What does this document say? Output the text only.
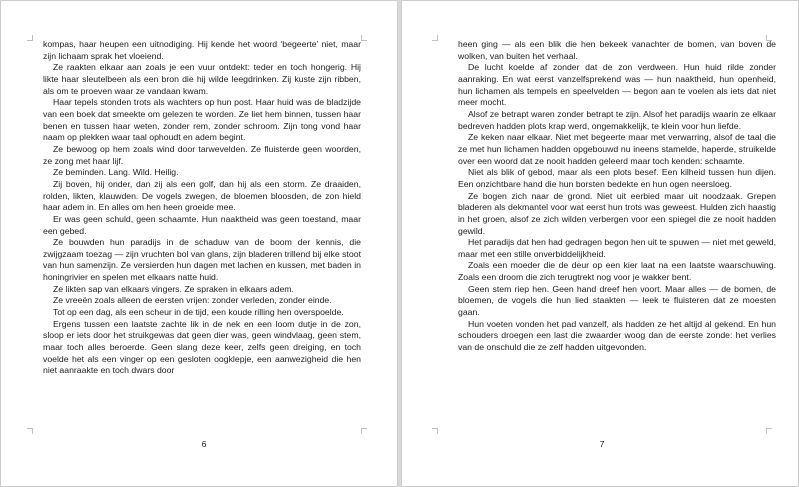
6	7

kompas, haar heupen een uitnodiging. Hij kende het woord ‘begeerte’ niet, maar zijn lichaam sprak het vloeiend.

Ze raakten elkaar aan zoals je een vuur ontdekt: teder en toch hongerig. Hij likte haar sleutelbeen als een bron die hij wilde leegdrinken. Zij kuste zijn ribben, als om te proeven waar ze vandaan kwam.

Haar tepels stonden trots als wachters op hun post. Haar huid was de bladzijde van een boek dat smeekte om gelezen te worden. Ze liet hem binnen, tussen haar benen en tussen haar weten, zonder rem, zonder schroom. Zijn tong vond haar naam op plekken waar taal ophoudt en adem begint.

Ze bewoog op hem zoals wind door tarwevelden. Ze fluisterde geen woorden, ze zong met haar lijf.

Ze beminden. Lang. Wild. Heilig.

Zij boven, hij onder, dan zij als een golf, dan hij als een storm. Ze draaiden, rolden, likten, klauwden. De vogels zwegen, de bloemen bloosden, de zon hield haar adem in. En alles om hen heen groeide mee.

Er was geen schuld, geen schaamte. Hun naaktheid was geen toestand, maar een gebed.

Ze bouwden hun paradijs in de schaduw van de boom der kennis, die zwijgzaam toezag — zijn vruchten bol van glans, zijn bladeren trillend bij elke stoot van hun samenzijn. Ze versierden hun dagen met lachen en kussen, met baden in honingrivier en spelen met elkaars natte huid.

Ze likten sap van elkaars vingers. Ze spraken in elkaars adem.

Ze vreeën zoals alleen de eersten vrijen: zonder verleden, zonder einde.

Tot op een dag, als een scheur in de tijd, een koude rilling hen overspoelde.

Ergens tussen een laatste zachte lik in de nek en een loom dutje in de zon, sloop er iets door het struikgewas dat geen dier was, geen windvlaag, geen stem, maar toch alles beroerde. Geen slang deze keer, zelfs geen dreiging, en toch voelde het als een vinger op een gesloten oogklepje, een aanwezigheid die hen niet aanraakte en toch dwars door

heen ging — als een blik die hen bekeek vanachter de bomen, van boven de wolken, van buiten het verhaal.

De lucht koelde af zonder dat de zon verdween. Hun huid rilde zonder aanraking. En wat eerst vanzelfsprekend was — hun naaktheid, hun openheid, hun lichamen als tempels en speelvelden — begon aan te voelen als iets dat niet meer mocht.

Alsof ze betrapt waren zonder betrapt te zijn. Alsof het paradijs waarin ze elkaar bedreven hadden plots krap werd, ongemakkelijk, te klein voor hun liefde.

Ze keken naar elkaar. Niet met begeerte maar met verwarring, alsof de taal die ze met hun lichamen hadden opgebouwd nu ineens stamelde, haperde, struikelde over een woord dat ze nooit hadden geleerd maar toch kenden: schaamte.

Niet als blik of gebod, maar als een plots besef. Een kilheid tussen hun dijen. Een onzichtbare hand die hun borsten bedekte en hun ogen neersloeg.

Ze bogen zich naar de grond. Niet uit eerbied maar uit noodzaak. Grepen bladeren als dekmantel voor wat eerst hun trots was geweest. Hulden zich haastig in het groen, alsof ze zich wilden verbergen voor een spiegel die ze nooit hadden gewild.

Het paradijs dat hen had gedragen begon hen uit te spuwen — niet met geweld, maar met een stille onverbiddelijkheid.

Zoals een moeder die de deur op een kier laat na een laatste waarschuwing. Zoals een droom die zich terugtrekt nog voor je wakker bent.

Geen stem riep hen. Geen hand dreef hen voort. Maar alles — de bomen, de bloemen, de vogels die hun lied staakten — leek te fluisteren dat ze moesten gaan.

Hun voeten vonden het pad vanzelf, als hadden ze het altijd al gekend. En hun schouders droegen een last die zwaarder woog dan de eerste zonde: het verlies van de onschuld die ze zelf hadden uitgevonden.
